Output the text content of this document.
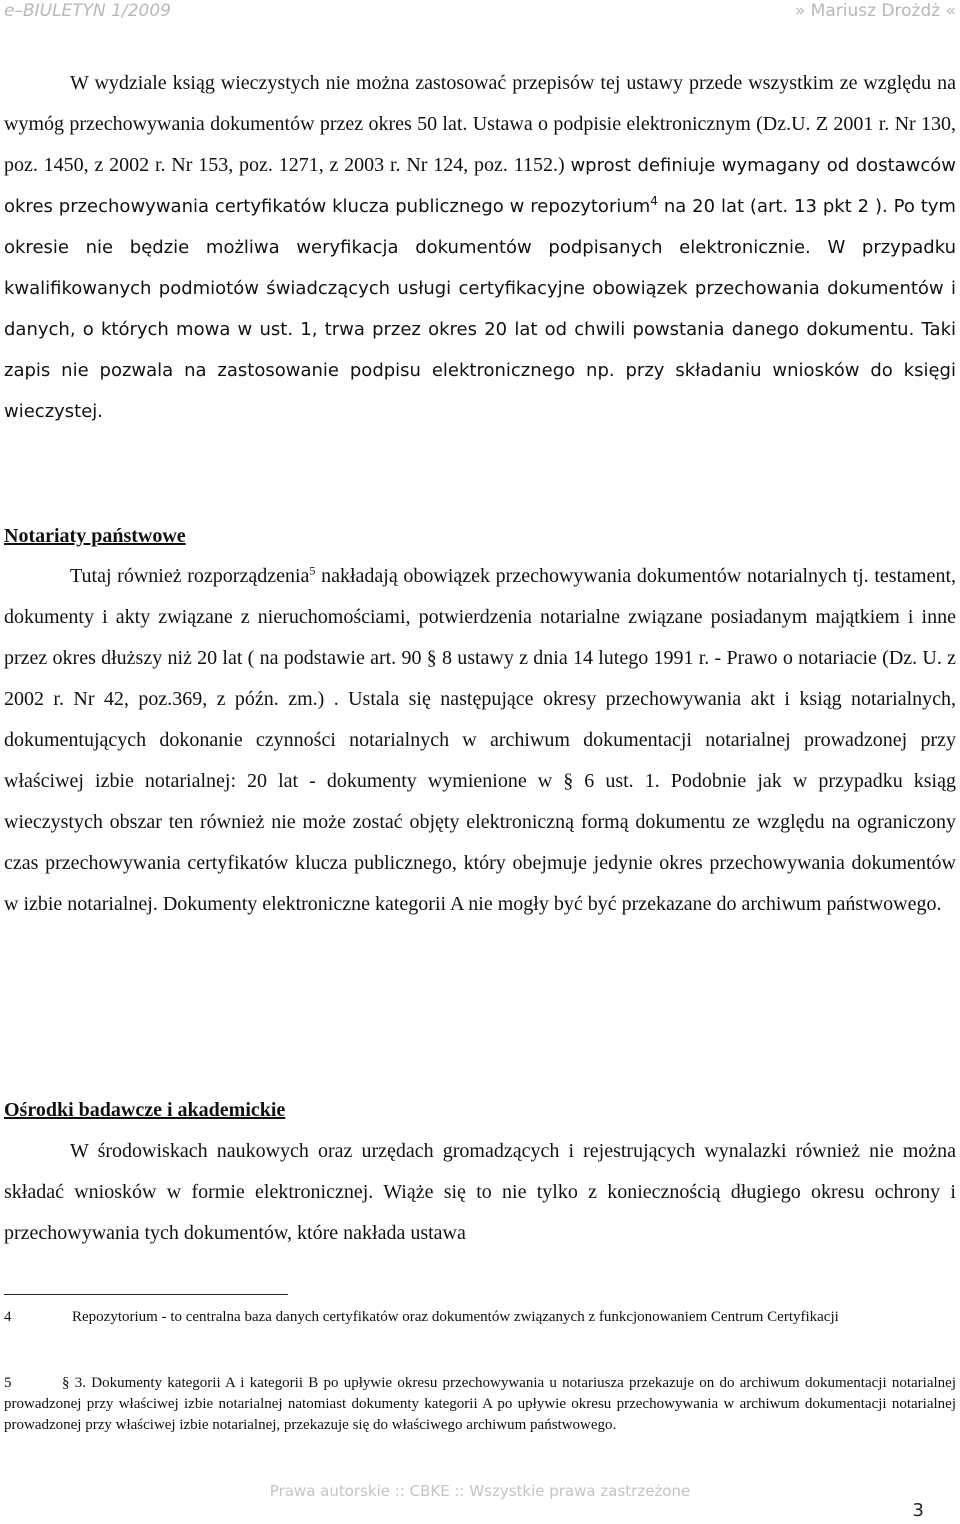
e–BIULETYN 1/2009	» Mariusz Drożdż «

W wydziale ksiąg wieczystych nie można zastosować przepisów tej ustawy przede wszystkim ze względu na wymóg przechowywania dokumentów przez okres 50 lat. Ustawa o podpisie elektronicznym (Dz.U. Z 2001 r. Nr 130, poz. 1450, z 2002 r. Nr 153, poz. 1271, z 2003 r. Nr 124, poz. 1152.) wprost definiuje wymagany od dostawców okres przechowywania certyfikatów klucza publicznego w repozytorium$^4$ na 20 lat (art. 13 pkt 2 ). Po tym okresie nie będzie możliwa weryfikacja dokumentów podpisanych elektronicznie. W przypadku kwalifikowanych podmiotów świadczących usługi certyfikacyjne obowiązek przechowania dokumentów i danych, o których mowa w ust. 1, trwa przez okres 20 lat od chwili powstania danego dokumentu. Taki zapis nie pozwala na zastosowanie podpisu elektronicznego np. przy składaniu wniosków do księgi wieczystej.

Notariaty państwowe

Tutaj również rozporządzenia$^5$ nakładają obowiązek przechowywania dokumentów notarialnych tj. testament, dokumenty i akty związane z nieruchomościami, potwierdzenia notarialne związane posiadanym majątkiem i inne przez okres dłuższy niż 20 lat ( na podstawie art. 90 § 8 ustawy z dnia 14 lutego 1991 r. - Prawo o notariacie (Dz. U. z 2002 r. Nr 42, poz.369, z późn. zm.) . Ustala się następujące okresy przechowywania akt i ksiąg notarialnych, dokumentujących dokonanie czynności notarialnych w archiwum dokumentacji notarialnej prowadzonej przy właściwej izbie notarialnej: 20 lat - dokumenty wymienione w § 6 ust. 1. Podobnie jak w przypadku ksiąg wieczystych obszar ten również nie może zostać objęty elektroniczną formą dokumentu ze względu na ograniczony czas przechowywania certyfikatów klucza publicznego, który obejmuje jedynie okres przechowywania dokumentów w izbie notarialnej. Dokumenty elektroniczne kategorii A nie mogły być być przekazane do archiwum państwowego.

Ośrodki badawcze i akademickie

W środowiskach naukowych oraz urzędach gromadzących i rejestrujących wynalazki również nie można składać wniosków w formie elektronicznej. Wiąże się to nie tylko z koniecznością długiego okresu ochrony i przechowywania tych dokumentów, które nakłada ustawa

4	Repozytorium - to centralna baza danych certyfikatów oraz dokumentów związanych z funkcjonowaniem Centrum Certyfikacji

5	§ 3. Dokumenty kategorii A i kategorii B po upływie okresu przechowywania u notariusza przekazuje on do archiwum dokumentacji notarialnej prowadzonej przy właściwej izbie notarialnej natomiast dokumenty kategorii A po upływie okresu przechowywania w archiwum dokumentacji notarialnej prowadzonej przy właściwej izbie notarialnej, przekazuje się do właściwego archiwum państwowego.

Prawa autorskie :: CBKE :: Wszystkie prawa zastrzeżone
3
